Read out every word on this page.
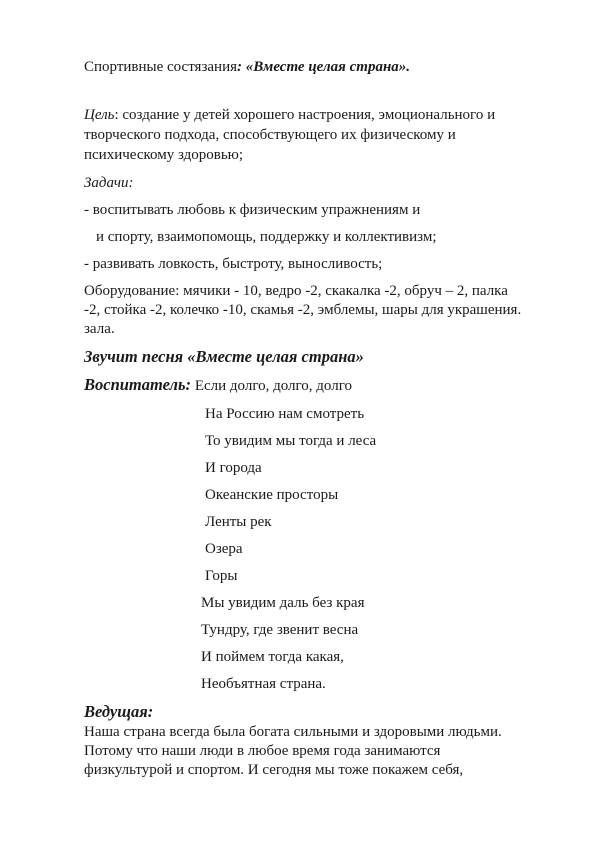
Спортивные состязания: «Вместе целая страна».
Цель: создание у детей хорошего настроения, эмоционального и
творческого подхода, способствующего их физическому и
психическому здоровью;
Задачи:
- воспитывать любовь к физическим упражнениям и
и спорту, взаимопомощь, поддержку и коллективизм;
- развивать ловкость, быстроту, выносливость;
Оборудование: мячики - 10, ведро -2, скакалка -2, обруч – 2, палка
-2, стойка -2, колечко -10, скамья -2, эмблемы, шары для украшения.
зала.
Звучит песня «Вместе целая страна»
Воспитатель: Если долго, долго, долго
На Россию нам смотреть
То увидим мы тогда и леса
И города
Океанские просторы
Ленты рек
Озера
Горы
Мы увидим даль без края
Тундру, где звенит весна
И поймем тогда какая,
Необъятная страна.
Ведущая:
Наша страна всегда была богата сильными и здоровыми людьми.
Потому что наши люди в любое время года занимаются
физкультурой и спортом. И сегодня мы тоже покажем себя,
